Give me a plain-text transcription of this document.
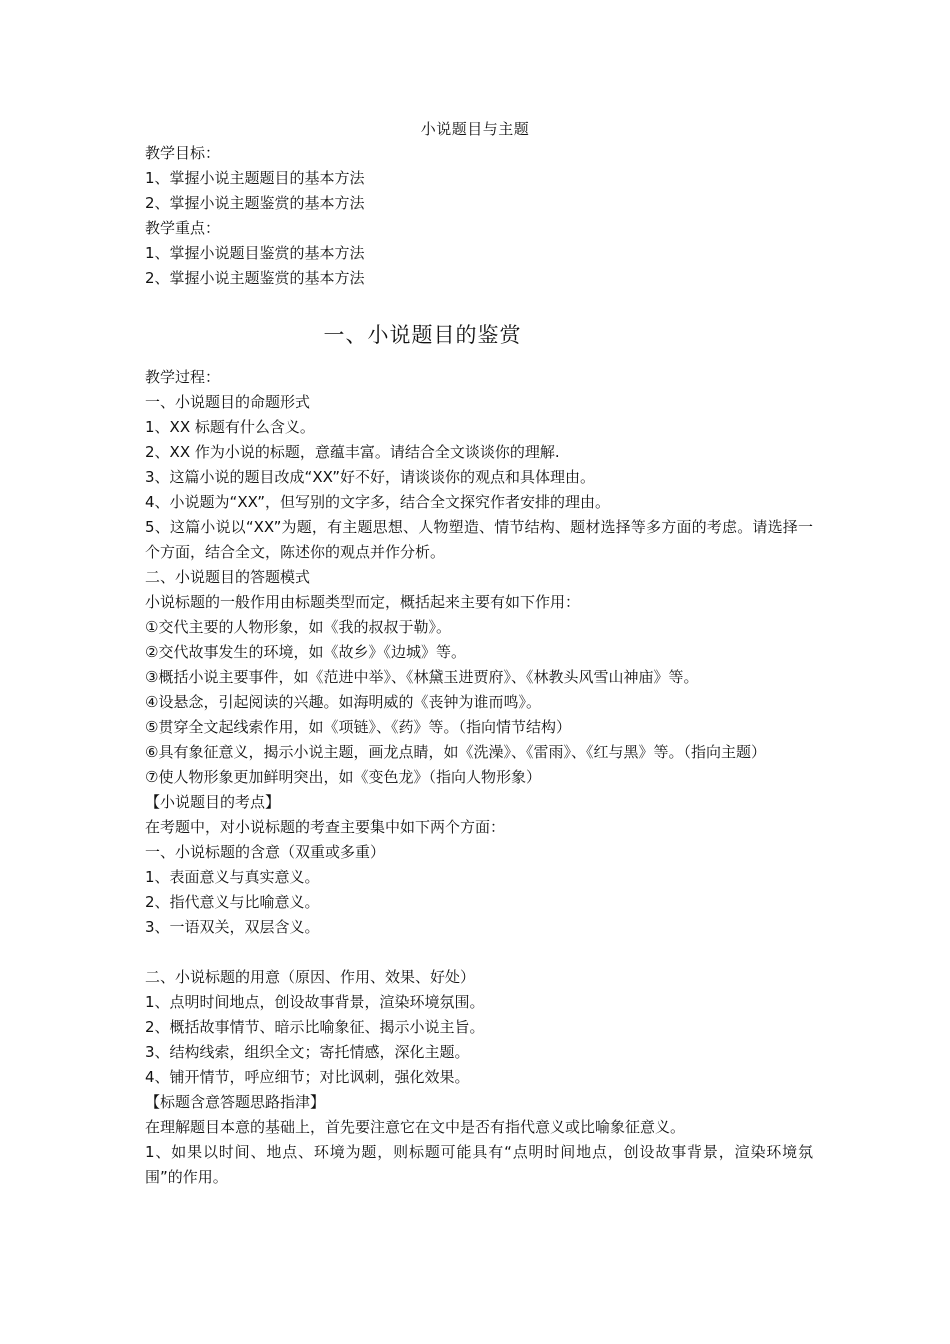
小说题目与主题
教学目标：
1、掌握小说主题题目的基本方法
2、掌握小说主题鉴赏的基本方法
教学重点：
1、掌握小说题目鉴赏的基本方法
2、掌握小说主题鉴赏的基本方法
一、小说题目的鉴赏
教学过程：
一、小说题目的命题形式
1、XX 标题有什么含义。
2、XX 作为小说的标题，意蕴丰富。请结合全文谈谈你的理解.
3、这篇小说的题目改成“XX”好不好，请谈谈你的观点和具体理由。
4、小说题为“XX”，但写别的文字多，结合全文探究作者安排的理由。
5、这篇小说以“XX”为题，有主题思想、人物塑造、情节结构、题材选择等多方面的考虑。请选择一个方面，结合全文，陈述你的观点并作分析。
二、小说题目的答题模式
小说标题的一般作用由标题类型而定，概括起来主要有如下作用：
①交代主要的人物形象，如《我的叔叔于勒》。
②交代故事发生的环境，如《故乡》《边城》等。
③概括小说主要事件，如《范进中举》、《林黛玉进贾府》、《林教头风雪山神庙》等。
④设悬念，引起阅读的兴趣。如海明威的《丧钟为谁而鸣》。
⑤贯穿全文起线索作用，如《项链》、《药》等。（指向情节结构）
⑥具有象征意义，揭示小说主题，画龙点睛，如《洗澡》、《雷雨》、《红与黑》等。（指向主题）
⑦使人物形象更加鲜明突出，如《变色龙》（指向人物形象）
【小说题目的考点】
在考题中，对小说标题的考查主要集中如下两个方面：
一、小说标题的含意（双重或多重）
1、表面意义与真实意义。
2、指代意义与比喻意义。
3、一语双关，双层含义。
二、小说标题的用意（原因、作用、效果、好处）
1、点明时间地点，创设故事背景，渲染环境氛围。
2、概括故事情节、暗示比喻象征、揭示小说主旨。
3、结构线索，组织全文；寄托情感，深化主题。
4、铺开情节，呼应细节；对比讽刺，强化效果。
【标题含意答题思路指津】
在理解题目本意的基础上，首先要注意它在文中是否有指代意义或比喻象征意义。
1、如果以时间、地点、环境为题，则标题可能具有“点明时间地点，创设故事背景，渲染环境氛围”的作用。
